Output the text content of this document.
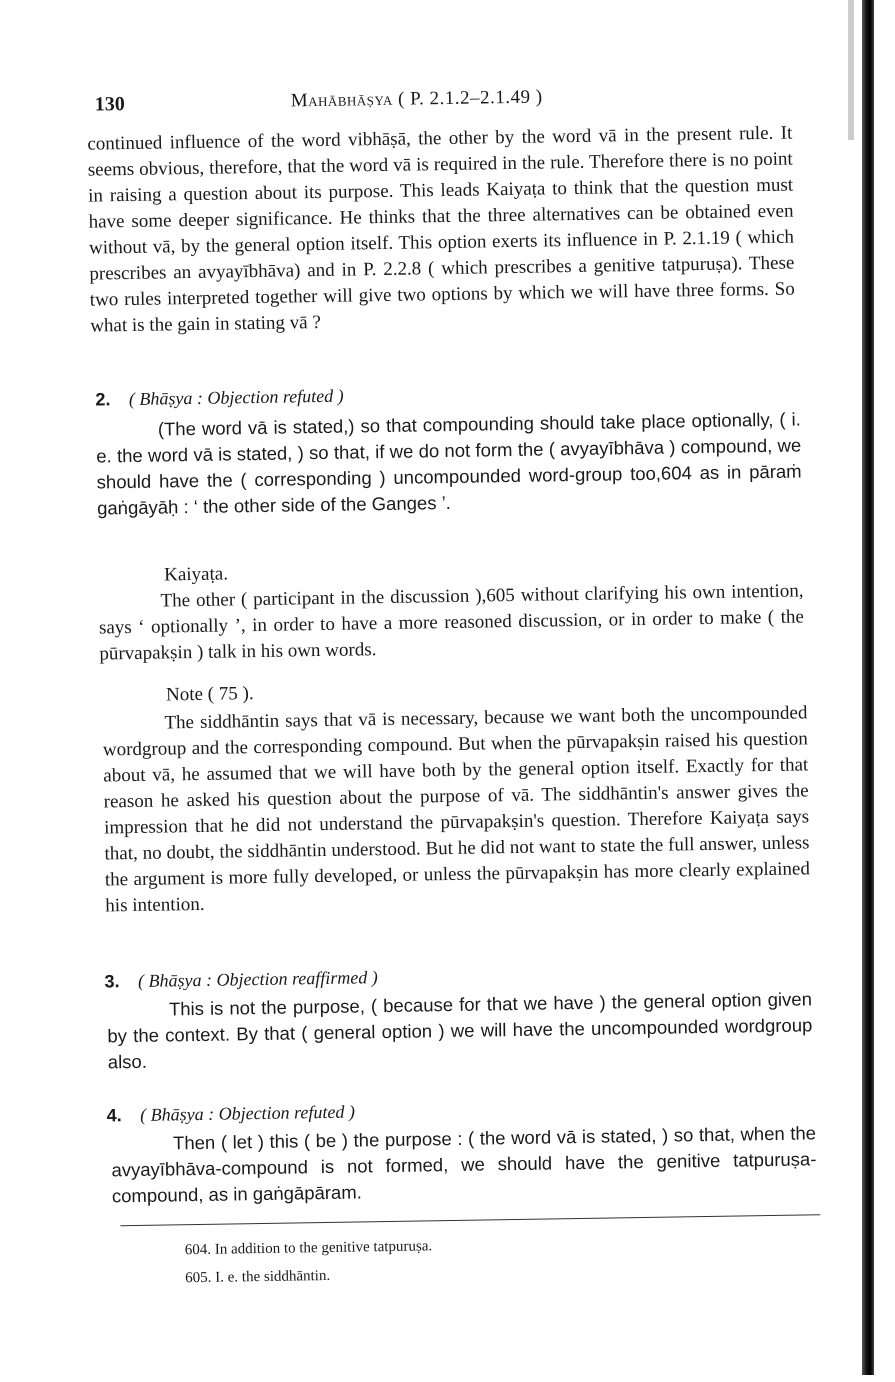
130	Mahābhāṣya ( P. 2.1.2–2.1.49 )
continued influence of the word vibhāṣā, the other by the word vā in the present rule. It seems obvious, therefore, that the word vā is required in the rule. Therefore there is no point in raising a question about its purpose. This leads Kaiyaṭa to think that the question must have some deeper significance. He thinks that the three alternatives can be obtained even without vā, by the general option itself. This option exerts its influence in P. 2.1.19 ( which prescribes an avyayībhāva) and in P. 2.2.8 ( which prescribes a genitive tatpuruṣa). These two rules interpreted together will give two options by which we will have three forms. So what is the gain in stating vā ?
2. ( Bhāṣya : Objection refuted )
(The word vā is stated,) so that compounding should take place optionally, ( i. e. the word vā is stated, ) so that, if we do not form the ( avyayībhāva ) compound, we should have the ( corresponding ) uncompounded word-group too,604 as in pāraṁ gaṅgāyāḥ : ‘ the other side of the Ganges ’.
Kaiyaṭa.
The other ( participant in the discussion ),605 without clarifying his own intention, says ‘ optionally ’, in order to have a more reasoned discussion, or in order to make ( the pūrvapakṣin ) talk in his own words.
Note ( 75 ).
The siddhāntin says that vā is necessary, because we want both the uncompounded wordgroup and the corresponding compound. But when the pūrvapakṣin raised his question about vā, he assumed that we will have both by the general option itself. Exactly for that reason he asked his question about the purpose of vā. The siddhāntin's answer gives the impression that he did not understand the pūrvapakṣin's question. Therefore Kaiyaṭa says that, no doubt, the siddhāntin understood. But he did not want to state the full answer, unless the argument is more fully developed, or unless the pūrvapakṣin has more clearly explained his intention.
3. ( Bhāṣya : Objection reaffirmed )
This is not the purpose, ( because for that we have ) the general option given by the context. By that ( general option ) we will have the uncompounded wordgroup also.
4. ( Bhāṣya : Objection refuted )
Then ( let ) this ( be ) the purpose : ( the word vā is stated, ) so that, when the avyayībhāva-compound is not formed, we should have the genitive tatpuruṣa-compound, as in gaṅgāpāram.
604. In addition to the genitive tatpuruṣa.
605. I. e. the siddhāntin.
